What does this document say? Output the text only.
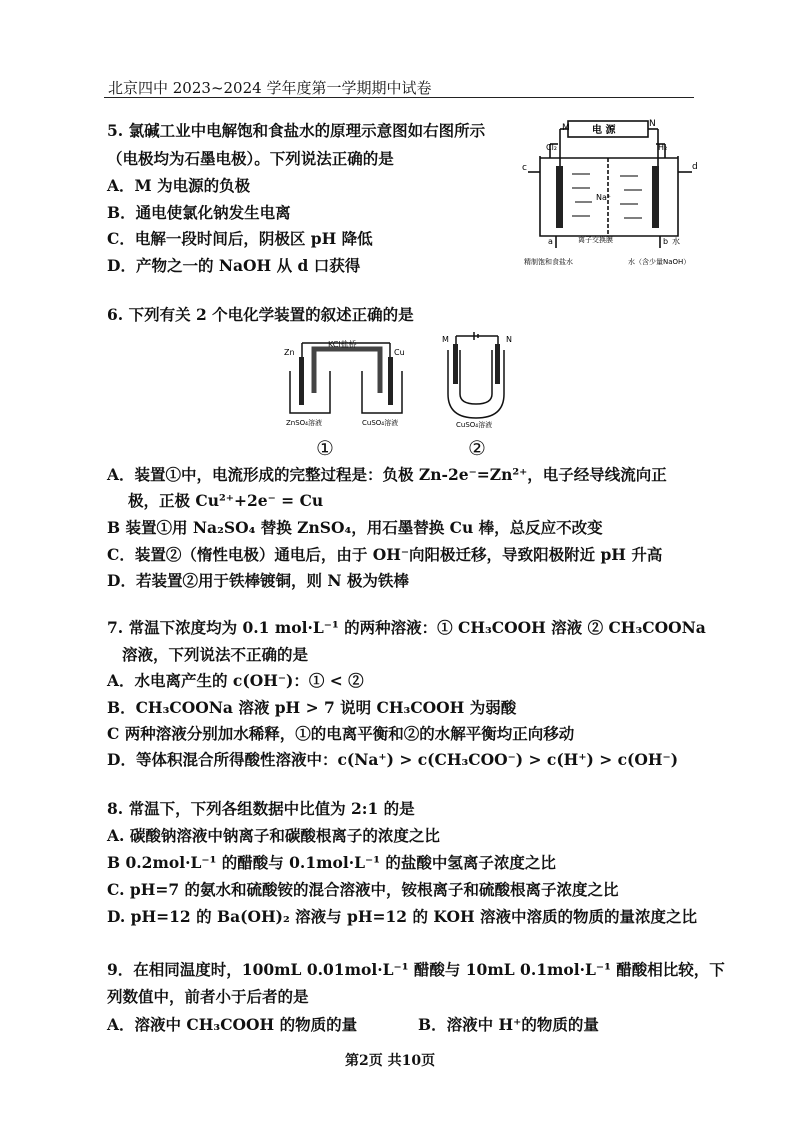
北京四中 2023~2024 学年度第一学期期中试卷
5. 氯碱工业中电解饱和食盐水的原理示意图如右图所示
（电极均为石墨电极）。下列说法正确的是
A．M 为电源的负极
B．通电使氯化钠发生电离
C．电解一段时间后，阴极区 pH 降低
D．产物之一的 NaOH 从 d 口获得
电 源
M	N
Cl₂	H₂
c	d
Na⁺
a	b 水
离子交换膜
精制饱和食盐水	水（含少量NaOH）
6. 下列有关 2 个电化学装置的叙述正确的是
KCl盐桥
Zn	Cu
ZnSO₄溶液	CuSO₄溶液
M	N
CuSO₄溶液
①	②
A．装置①中，电流形成的完整过程是：负极 Zn-2e⁻=Zn²⁺，电子经导线流向正
极，正极 Cu²⁺+2e⁻ = Cu
B 装置①用 Na₂SO₄ 替换 ZnSO₄，用石墨替换 Cu 棒，总反应不改变
C．装置②（惰性电极）通电后，由于 OH⁻向阳极迁移，导致阳极附近 pH 升高
D．若装置②用于铁棒镀铜，则 N 极为铁棒
7. 常温下浓度均为 0.1 mol·L⁻¹ 的两种溶液：① CH₃COOH 溶液 ② CH₃COONa
溶液，下列说法不正确的是
A．水电离产生的 c(OH⁻)：① < ②
B．CH₃COONa 溶液 pH > 7 说明 CH₃COOH 为弱酸
C 两种溶液分别加水稀释，①的电离平衡和②的水解平衡均正向移动
D．等体积混合所得酸性溶液中：c(Na⁺) > c(CH₃COO⁻) > c(H⁺) > c(OH⁻)
8. 常温下，下列各组数据中比值为 2:1 的是
A. 碳酸钠溶液中钠离子和碳酸根离子的浓度之比
B 0.2mol·L⁻¹ 的醋酸与 0.1mol·L⁻¹ 的盐酸中氢离子浓度之比
C. pH=7 的氨水和硫酸铵的混合溶液中，铵根离子和硫酸根离子浓度之比
D. pH=12 的 Ba(OH)₂ 溶液与 pH=12 的 KOH 溶液中溶质的物质的量浓度之比
9．在相同温度时，100mL 0.01mol·L⁻¹ 醋酸与 10mL 0.1mol·L⁻¹ 醋酸相比较，下
列数值中，前者小于后者的是
A．溶液中 CH₃COOH 的物质的量	B．溶液中 H⁺的物质的量
第2页 共10页
